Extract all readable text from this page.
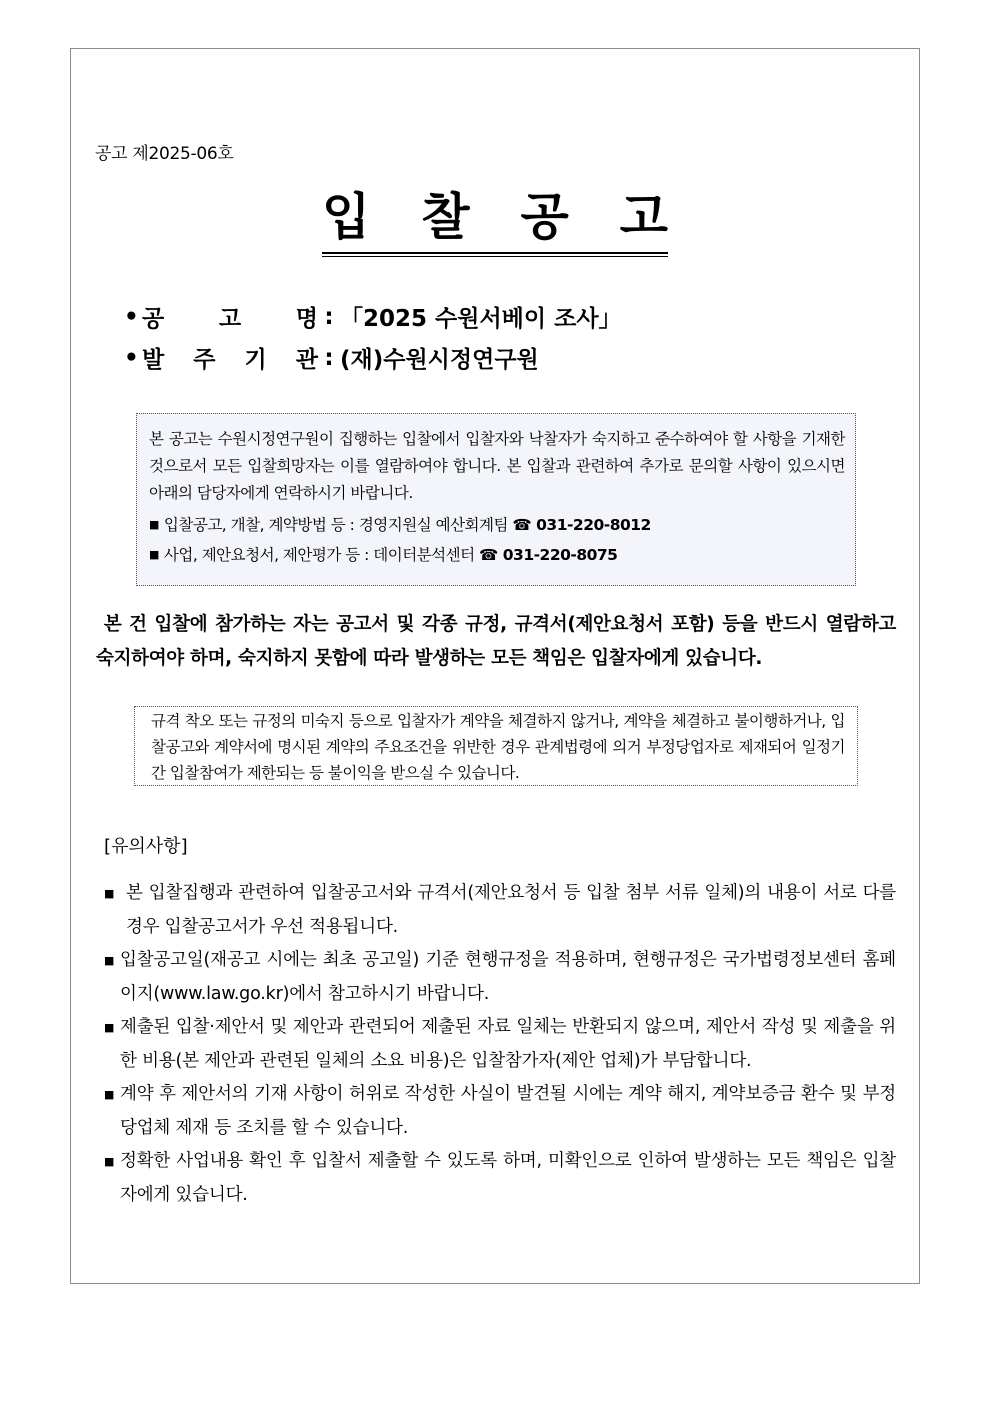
공고 제2025-06호
입 찰 공 고
• 공 고 명 : 「2025 수원서베이 조사」
• 발 주 기 관 : (재)수원시정연구원
본 공고는 수원시정연구원이 집행하는 입찰에서 입찰자와 낙찰자가 숙지하고 준수하여야 할 사항을 기재한 것으로서 모든 입찰희망자는 이를 열람하여야 합니다. 본 입찰과 관련하여 추가로 문의할 사항이 있으시면 아래의 담당자에게 연락하시기 바랍니다.
■ 입찰공고, 개찰, 계약방법 등 : 경영지원실 예산회계팀 ☎ 031-220-8012
■ 사업, 제안요청서, 제안평가 등 : 데이터분석센터 ☎ 031-220-8075
본 건 입찰에 참가하는 자는 공고서 및 각종 규정, 규격서(제안요청서 포함) 등을 반드시 열람하고 숙지하여야 하며, 숙지하지 못함에 따라 발생하는 모든 책임은 입찰자에게 있습니다.
규격 착오 또는 규정의 미숙지 등으로 입찰자가 계약을 체결하지 않거나, 계약을 체결하고 불이행하거나, 입찰공고와 계약서에 명시된 계약의 주요조건을 위반한 경우 관계법령에 의거 부정당업자로 제재되어 일정기간 입찰참여가 제한되는 등 불이익을 받으실 수 있습니다.
[유의사항]
■ 본 입찰집행과 관련하여 입찰공고서와 규격서(제안요청서 등 입찰 첨부 서류 일체)의 내용이 서로 다를 경우 입찰공고서가 우선 적용됩니다.
■ 입찰공고일(재공고 시에는 최초 공고일) 기준 현행규정을 적용하며, 현행규정은 국가법령정보센터 홈페이지(www.law.go.kr)에서 참고하시기 바랍니다.
■ 제출된 입찰·제안서 및 제안과 관련되어 제출된 자료 일체는 반환되지 않으며, 제안서 작성 및 제출을 위한 비용(본 제안과 관련된 일체의 소요 비용)은 입찰참가자(제안 업체)가 부담합니다.
■ 계약 후 제안서의 기재 사항이 허위로 작성한 사실이 발견될 시에는 계약 해지, 계약보증금 환수 및 부정당업체 제재 등 조치를 할 수 있습니다.
■ 정확한 사업내용 확인 후 입찰서 제출할 수 있도록 하며, 미확인으로 인하여 발생하는 모든 책임은 입찰자에게 있습니다.
